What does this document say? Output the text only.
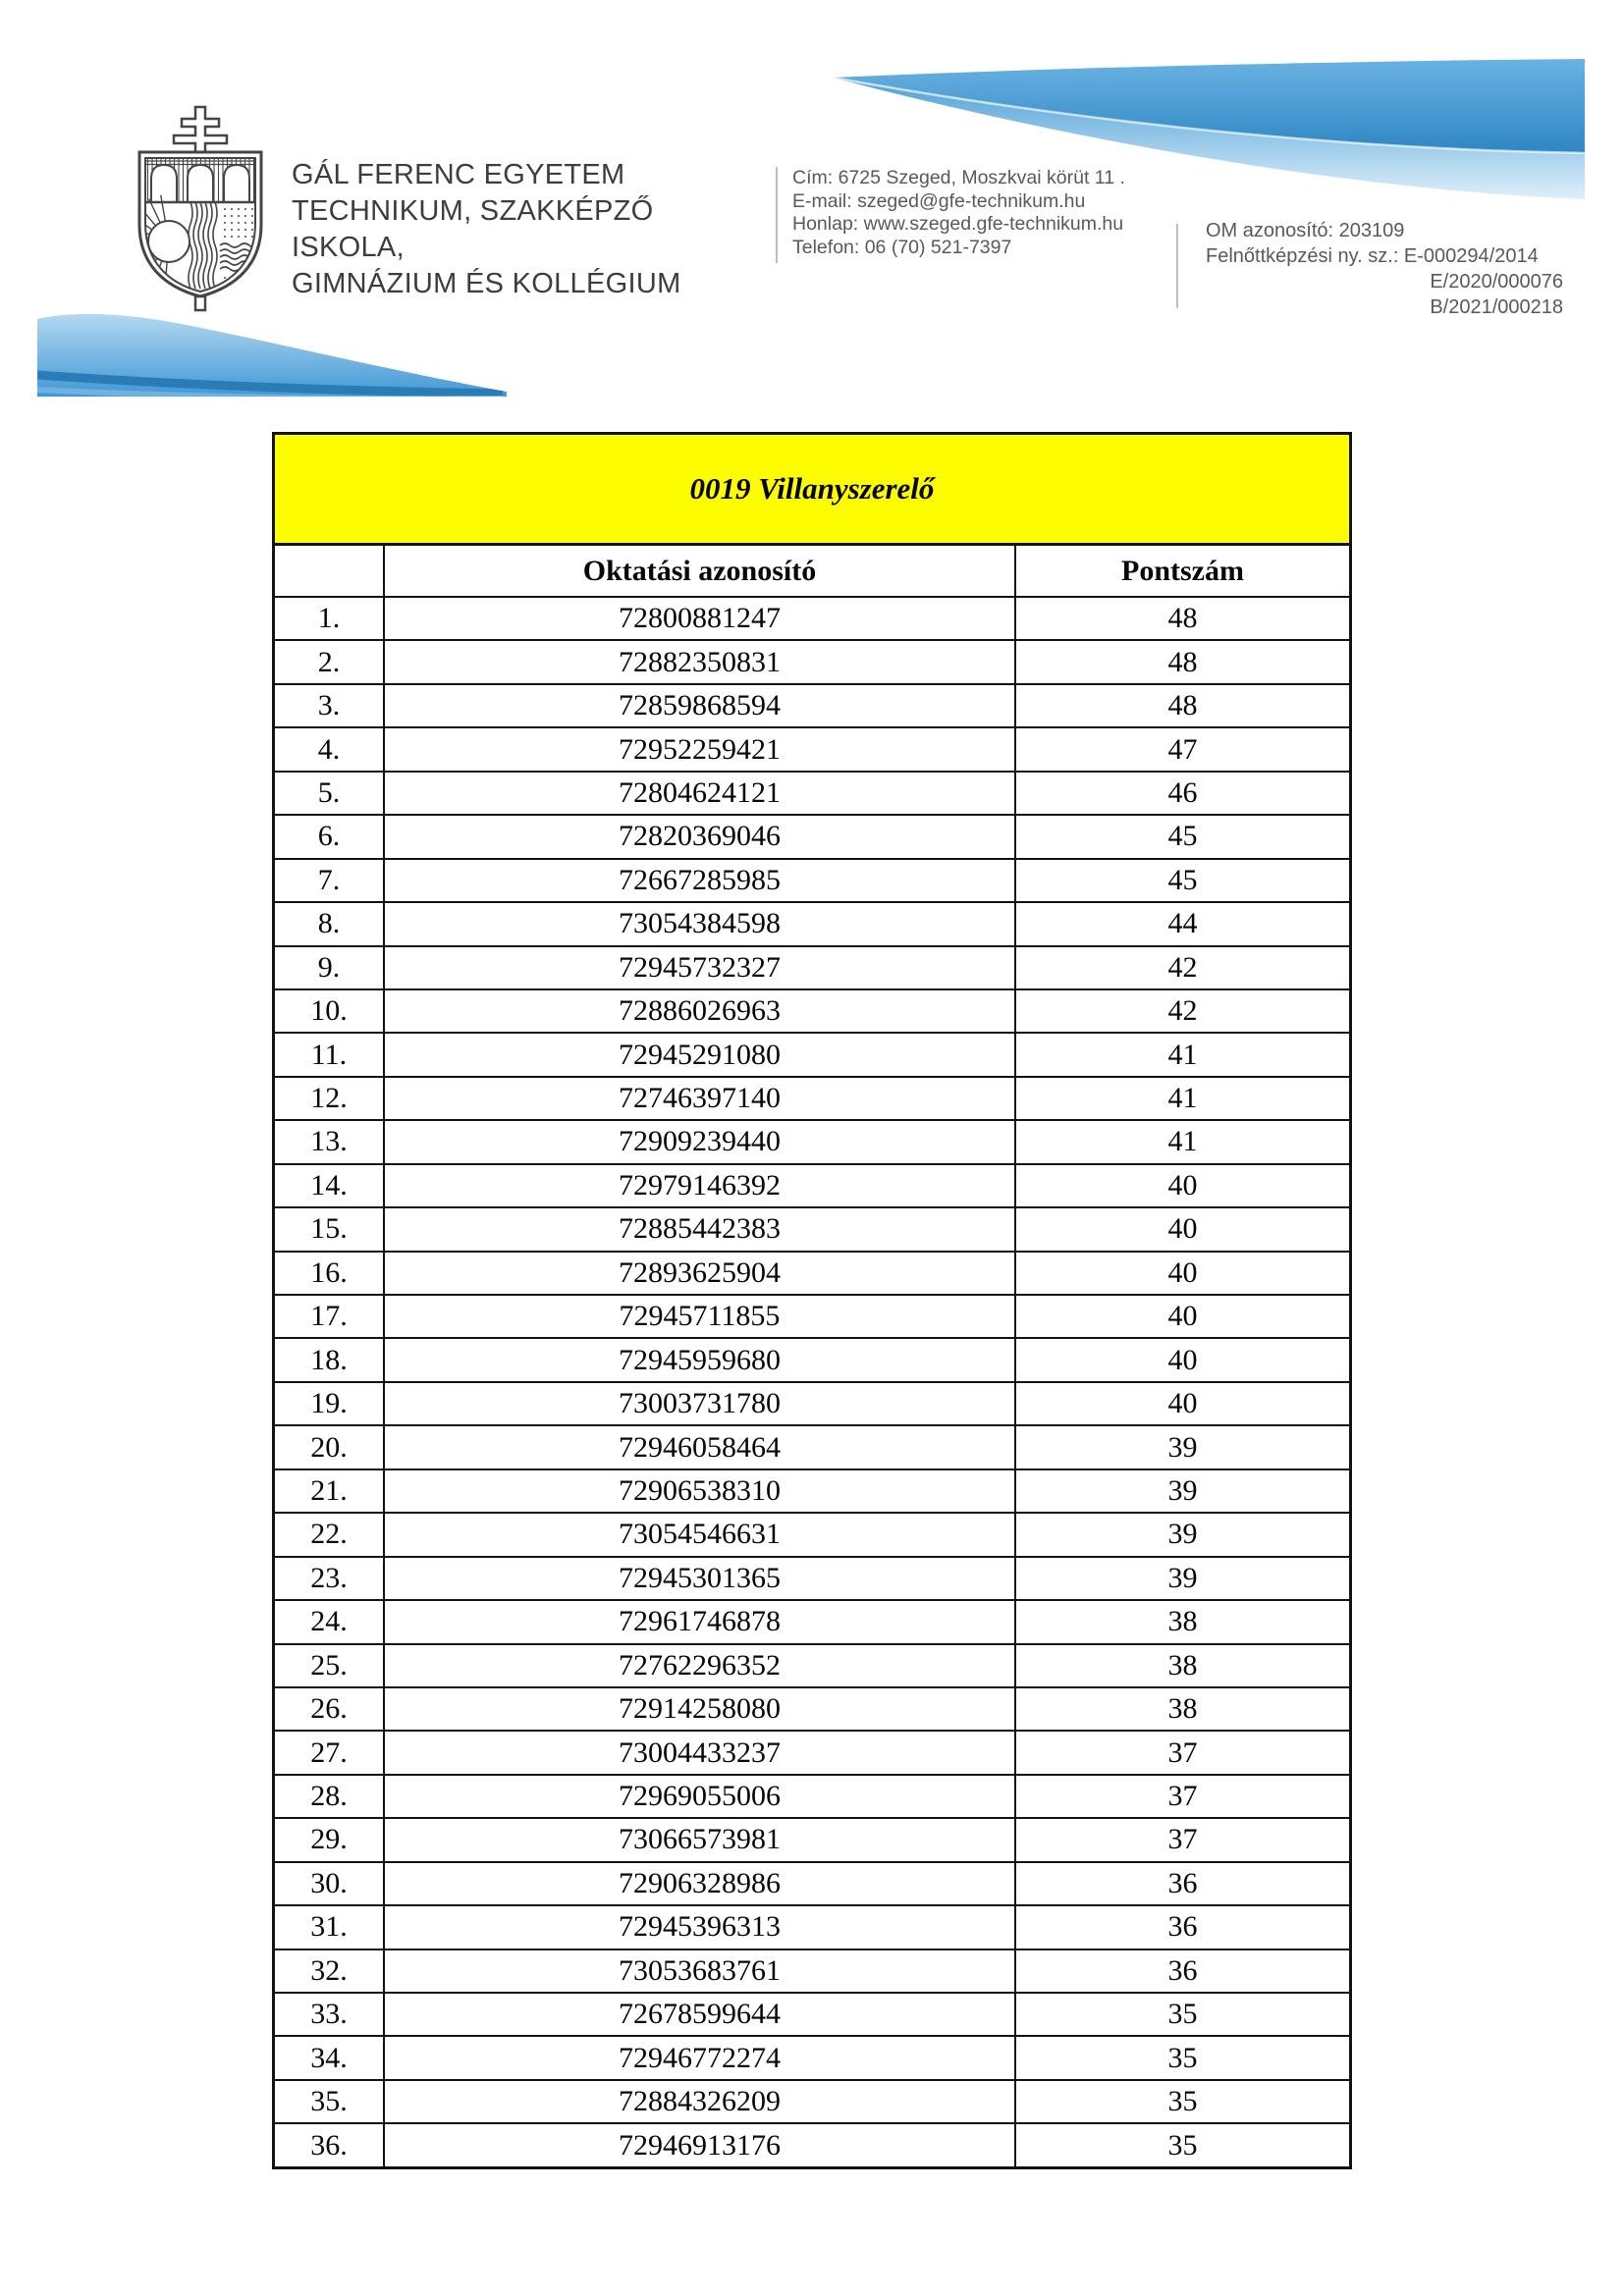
GÁL FERENC EGYETEM
TECHNIKUM, SZAKKÉPZŐ ISKOLA,
GIMNÁZIUM ÉS KOLLÉGIUM
Cím: 6725 Szeged, Moszkvai körüt 11 .
E-mail: szeged@gfe-technikum.hu
Honlap: www.szeged.gfe-technikum.hu
Telefon: 06 (70) 521-7397
OM azonosító: 203109
Felnőttképzési ny. sz.: E-000294/2014
E/2020/000076
B/2021/000218
0019 Villanyszerelő
Oktatási azonosító	Pontszám
1.	72800881247	48
2.	72882350831	48
3.	72859868594	48
4.	72952259421	47
5.	72804624121	46
6.	72820369046	45
7.	72667285985	45
8.	73054384598	44
9.	72945732327	42
10.	72886026963	42
11.	72945291080	41
12.	72746397140	41
13.	72909239440	41
14.	72979146392	40
15.	72885442383	40
16.	72893625904	40
17.	72945711855	40
18.	72945959680	40
19.	73003731780	40
20.	72946058464	39
21.	72906538310	39
22.	73054546631	39
23.	72945301365	39
24.	72961746878	38
25.	72762296352	38
26.	72914258080	38
27.	73004433237	37
28.	72969055006	37
29.	73066573981	37
30.	72906328986	36
31.	72945396313	36
32.	73053683761	36
33.	72678599644	35
34.	72946772274	35
35.	72884326209	35
36.	72946913176	35
